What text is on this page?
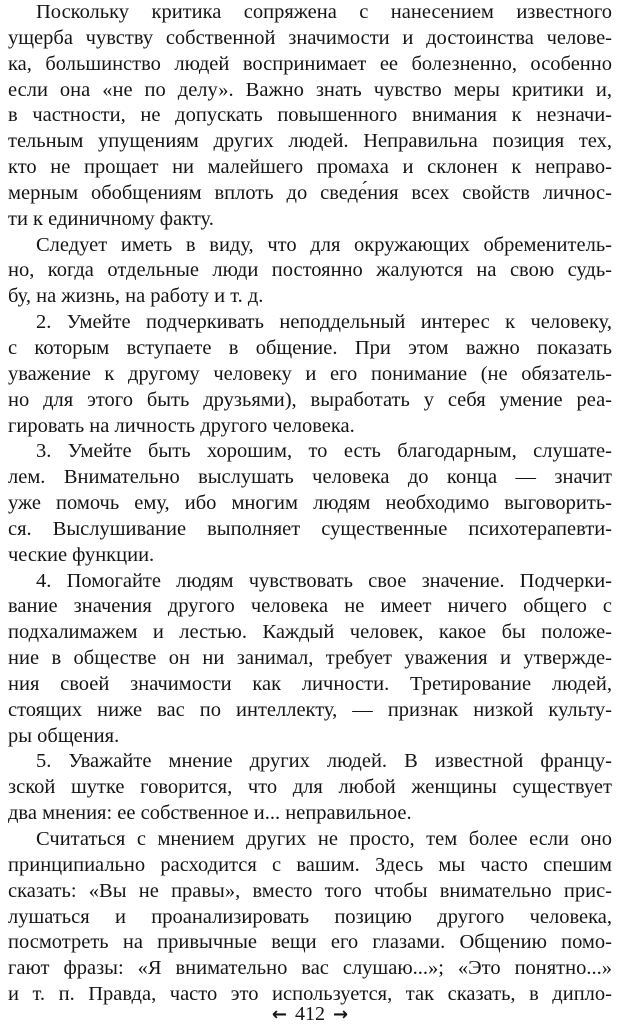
Поскольку критика сопряжена с нанесением известного
ущерба чувству собственной значимости и достоинства челове-
ка, большинство людей воспринимает ее болезненно, особенно
если она «не по делу». Важно знать чувство меры критики и,
в частности, не допускать повышенного внимания к незначи-
тельным упущениям других людей. Неправильна позиция тех,
кто не прощает ни малейшего промаха и склонен к неправо-
мерным обобщениям вплоть до сведе́ния всех свойств личнос-
ти к единичному факту.
Следует иметь в виду, что для окружающих обременитель-
но, когда отдельные люди постоянно жалуются на свою судь-
бу, на жизнь, на работу и т. д.
2. Умейте подчеркивать неподдельный интерес к человеку,
с которым вступаете в общение. При этом важно показать
уважение к другому человеку и его понимание (не обязатель-
но для этого быть друзьями), выработать у себя умение реа-
гировать на личность другого человека.
3. Умейте быть хорошим, то есть благодарным, слушате-
лем. Внимательно выслушать человека до конца — значит
уже помочь ему, ибо многим людям необходимо выговорить-
ся. Выслушивание выполняет существенные психотерапевти-
ческие функции.
4. Помогайте людям чувствовать свое значение. Подчерки-
вание значения другого человека не имеет ничего общего с
подхалимажем и лестью. Каждый человек, какое бы положе-
ние в обществе он ни занимал, требует уважения и утвержде-
ния своей значимости как личности. Третирование людей,
стоящих ниже вас по интеллекту, — признак низкой культу-
ры общения.
5. Уважайте мнение других людей. В известной францу-
зской шутке говорится, что для любой женщины существует
два мнения: ее собственное и... неправильное.
Считаться с мнением других не просто, тем более если оно
принципиально расходится с вашим. Здесь мы часто спешим
сказать: «Вы не правы», вместо того чтобы внимательно прис-
лушаться и проанализировать позицию другого человека,
посмотреть на привычные вещи его глазами. Общению помо-
гают фразы: «Я внимательно вас слушаю...»; «Это понятно...»
и т. п. Правда, часто это используется, так сказать, в дипло-
← 412 →
